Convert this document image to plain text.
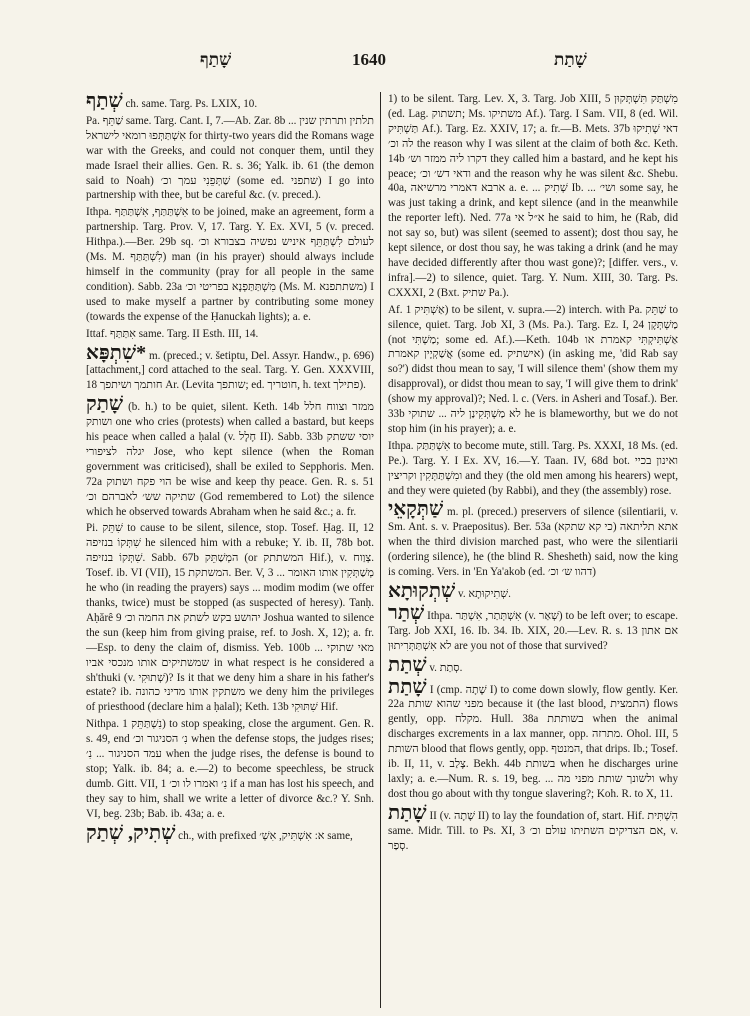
שָׁתַף	1640	שָׁתַת

שְׁתַף ch. same. Targ. Ps. LXIX, 10.

Pa. שַׁתֵּף same. Targ. Cant. I, 7.—Ab. Zar. 8b ... תלתין ותרתין שנין אִשְׁתַּתְּפוּ רומאי לישראל for thirty-two years did the Romans wage war with the Greeks, and could not conquer them, until they made Israel their allies. Gen. R. s. 36; Yalk. ib. 61 (the demon said to Noah) שַׁתְּפֵנִי עמך וכ׳ (some ed. שתפני) I go into partnership with thee, but be careful &c. (v. preced.).

Ithpa. אִשְׁתַּתַּף, אִשְׁתַּתַּף to be joined, make an agreement, form a partnership. Targ. Prov. V, 17. Targ. Y. Ex. XVI, 5 (v. preced. Hithpa.).—Ber. 29b sq. לעולם לִשְׁתַּתֵּף איניש נפשיה בצבורא וכ׳ (Ms. M. לִשְׁתַּתַּף) man (in his prayer) should always include himself in the community (pray for all people in the same condition). Sabb. 23a מִשְׁתַּתַּפְנָא בפריטי וכ׳ (Ms. M. משתתפנא) I used to make myself a partner by contributing some money (towards the expense of the Ḥanuckah lights); a. e.

Ittaf. אִתַּתַּף same. Targ. II Esth. III, 14.

*שִׁתְפָּא m. (preced.; v. šetiptu, Del. Assyr. Handw., p. 696) [attachment,] cord attached to the seal. Targ. Y. Gen. XXXVIII, 18 חותמך ושיתפך Ar. (Levita שותפך; ed. חוטריך, h. text פתילך).

שָׁתַק (b. h.) to be quiet, silent. Keth. 14b ממזר וצווח חלל ושותק one who cries (protests) when called a bastard, but keeps his peace when called a ḥalal (v. חָלָל II). Sabb. 33b יוסי ששתק יגלה לציפורי Jose, who kept silence (when the Roman government was criticised), shall be exiled to Sepphoris. Men. 72a הוי פקח ושתוק be wise and keep thy peace. Gen. R. s. 51 שתיקה שש׳ לאברהם וכ׳ (God remembered to Lot) the silence which he observed towards Abraham when he said &c.; a. fr.

Pi. שִׁתֵּק to cause to be silent, silence, stop. Tosef. Ḥag. II, 12 שִׁתְּקוֹ בנזיפה he silenced him with a rebuke; Y. ib. II, 78b bot. שִׁתְּקוֹ בנזיפה. Sabb. 67b המְשַׁתֵּק (or המשתתק Hif.), v. צְוַוח. Tosef. ib. VI (VII), 15 המשתקת. Ber. V, 3 ... מְשַׁתְּקִין אותו האומר he who (in reading the prayers) says ... modim modim (we offer thanks, twice) must be stopped (as suspected of heresy). Tanḥ. Aḥărê 9 יהושע בקש לשתק את החמה וכ׳ Joshua wanted to silence the sun (keep him from giving praise, ref. to Josh. X, 12); a. fr.—Esp. to deny the claim of, dismiss. Yeb. 100b ... מאי שתוקי שמשתיקים אותו מנכסי אביו in what respect is he considered a sh'thuki (v. שְׁתוּקִי)? Is it that we deny him a share in his father's estate? ib. משתקין אותו מדיני כהונה we deny him the privileges of priesthood (declare him a ḥalal); Keth. 13b שִׁתּוּקִי Hif.

Nithpa. נִשְׁתַּתֵּק 1) to stop speaking, close the argument. Gen. R. s. 49, end נִ׳ הסניגור וכ׳ when the defense stops, the judges rises; עמד הסניגור ... נִ׳ when the judge rises, the defense is bound to stop; Yalk. ib. 84; a. e.—2) to become speechless, be struck dumb. Gitt. VII, 1 נִ׳ ואמרו לו וכ׳ if a man has lost his speech, and they say to him, shall we write a letter of divorce &c.? Y. Snh. VI, beg. 23b; Bab. ib. 43a; a. e.

שְׁתִיק, שְׁתַק ch., with prefixed א: אִשְׁתִּיק, אִשְׁ׳ same,

1) to be silent. Targ. Lev. X, 3. Targ. Job XIII, 5 מִשְׁתַּק תִּשְׁתְּקוּן (ed. Lag. תשתוק; Ms. משתיקו Af.). Targ. I Sam. VII, 8 (ed. Wil. תַּשְׁתִּיק Af.). Targ. Ez. XXIV, 17; a. fr.—B. Mets. 37b דאי שְׁתִיקוּ לה וכ׳ the reason why I was silent at the claim of both &c. Keth. 14b דקרו ליה ממזר וש׳ they called him a bastard, and he kept his peace; ודאי דש׳ וכ׳ and the reason why he was silent &c. Shebu. 40a, ארבא דאמרי מרשיאה a. e. ... שְׁתִיק Ib. ... ושי׳ some say, he was just taking a drink, and kept silence (and in the meanwhile the reporter left). Ned. 77a א״ל אי he said to him, he (Rab, did not say so, but) was silent (seemed to assent); dost thou say, he kept silence, or dost thou say, he was taking a drink (and he may have decided differently after thou wast gone)?; [differ. vers., v. infra].—2) to silence, quiet. Targ. Y. Num. XIII, 30. Targ. Ps. CXXXI, 2 (Bxt. שתיק Pa.).

Af. אַשְׁתִּיק 1) to be silent, v. supra.—2) interch. with Pa. שַׁתֵּק to silence, quiet. Targ. Job XI, 3 (Ms. Pa.). Targ. Ez. I, 24 מַשְׁתְּקָן (not מַשְׁתִּי; some ed. Af.).—Keth. 104b אַשְׁתִּיקְתִּי קאמרת או אֲשַׁקְיָין קאמרת (some ed. אישתיק) (in asking me, 'did Rab say so?') didst thou mean to say, 'I will silence them' (show them my disapproval), or didst thou mean to say, 'I will give them to drink' (show my approval)?; Ned. l. c. (Vers. in Asheri and Tosaf.). Ber. 33b לא מַשְׁתְּקִינַן ליה ... שתוקי he is blameworthy, but we do not stop him (in his prayer); a. e.

Ithpa. אִשְׁתַּתַּק to become mute, still. Targ. Ps. XXXI, 18 Ms. (ed. Pe.). Targ. Y. I Ex. XV, 16.—Y. Taan. IV, 68d bot. ואינון בכיי ומִשְׁתַּתְּקִין וקריצין and they (the old men among his hearers) wept, and they were quieted (by Rabbi), and they (the assembly) rose.

שַׁתְּקָאֵי m. pl. (preced.) preservers of silence (silentiarii, v. Sm. Ant. s. v. Praepositus). Ber. 53a אתא תליתאה (כי קא שתקא) when the third division marched past, who were the silentiarii (ordering silence), he (the blind R. Shesheth) said, now the king is coming. Vers. in 'En Ya'akob (ed. דהוו ש׳ וכ׳)

שְׁתְקוּתָא v. שְׁתִיקוּתָא.

שְׁתַר Ithpa. אִשְׁתְּתַר, אִשְׁתַּר (v. שְׁאַר) to be left over; to escape. Targ. Job XXI, 16. Ib. 34. Ib. XIX, 20.—Lev. R. s. 13 אם אתון לא אִשְׁתַּתְּרִיתוּן are you not of those that survived?

שְׁתַת v. סְתַת.

שָׁתַת I (cmp. שָׁתָה I) to come down slowly, flow gently. Ker. 22a מפני שהוא שותת because it (the last blood, התמצית) flows gently, opp. מקלח. Hull. 38a בשותתת when the animal discharges excrements in a lax manner, opp. מתרזה. Ohol. III, 5 השותת blood that flows gently, opp. המנטף, that drips. Ib.; Tosef. ib. II, 11, v. צָלַב. Bekh. 44b בשותת when he discharges urine laxly; a. e.—Num. R. s. 19, beg. ... ולשונך שותת מפני מה why dost thou go about with thy tongue slavering?; Koh. R. to X, 11.

שָׁתַת II (v. שָׁתָה II) to lay the foundation of, start. Hif. הִשְׁתִּית same. Midr. Till. to Ps. XI, 3 אם הצדיקים השתיתו עולם וכ׳, v. סְפַר.
